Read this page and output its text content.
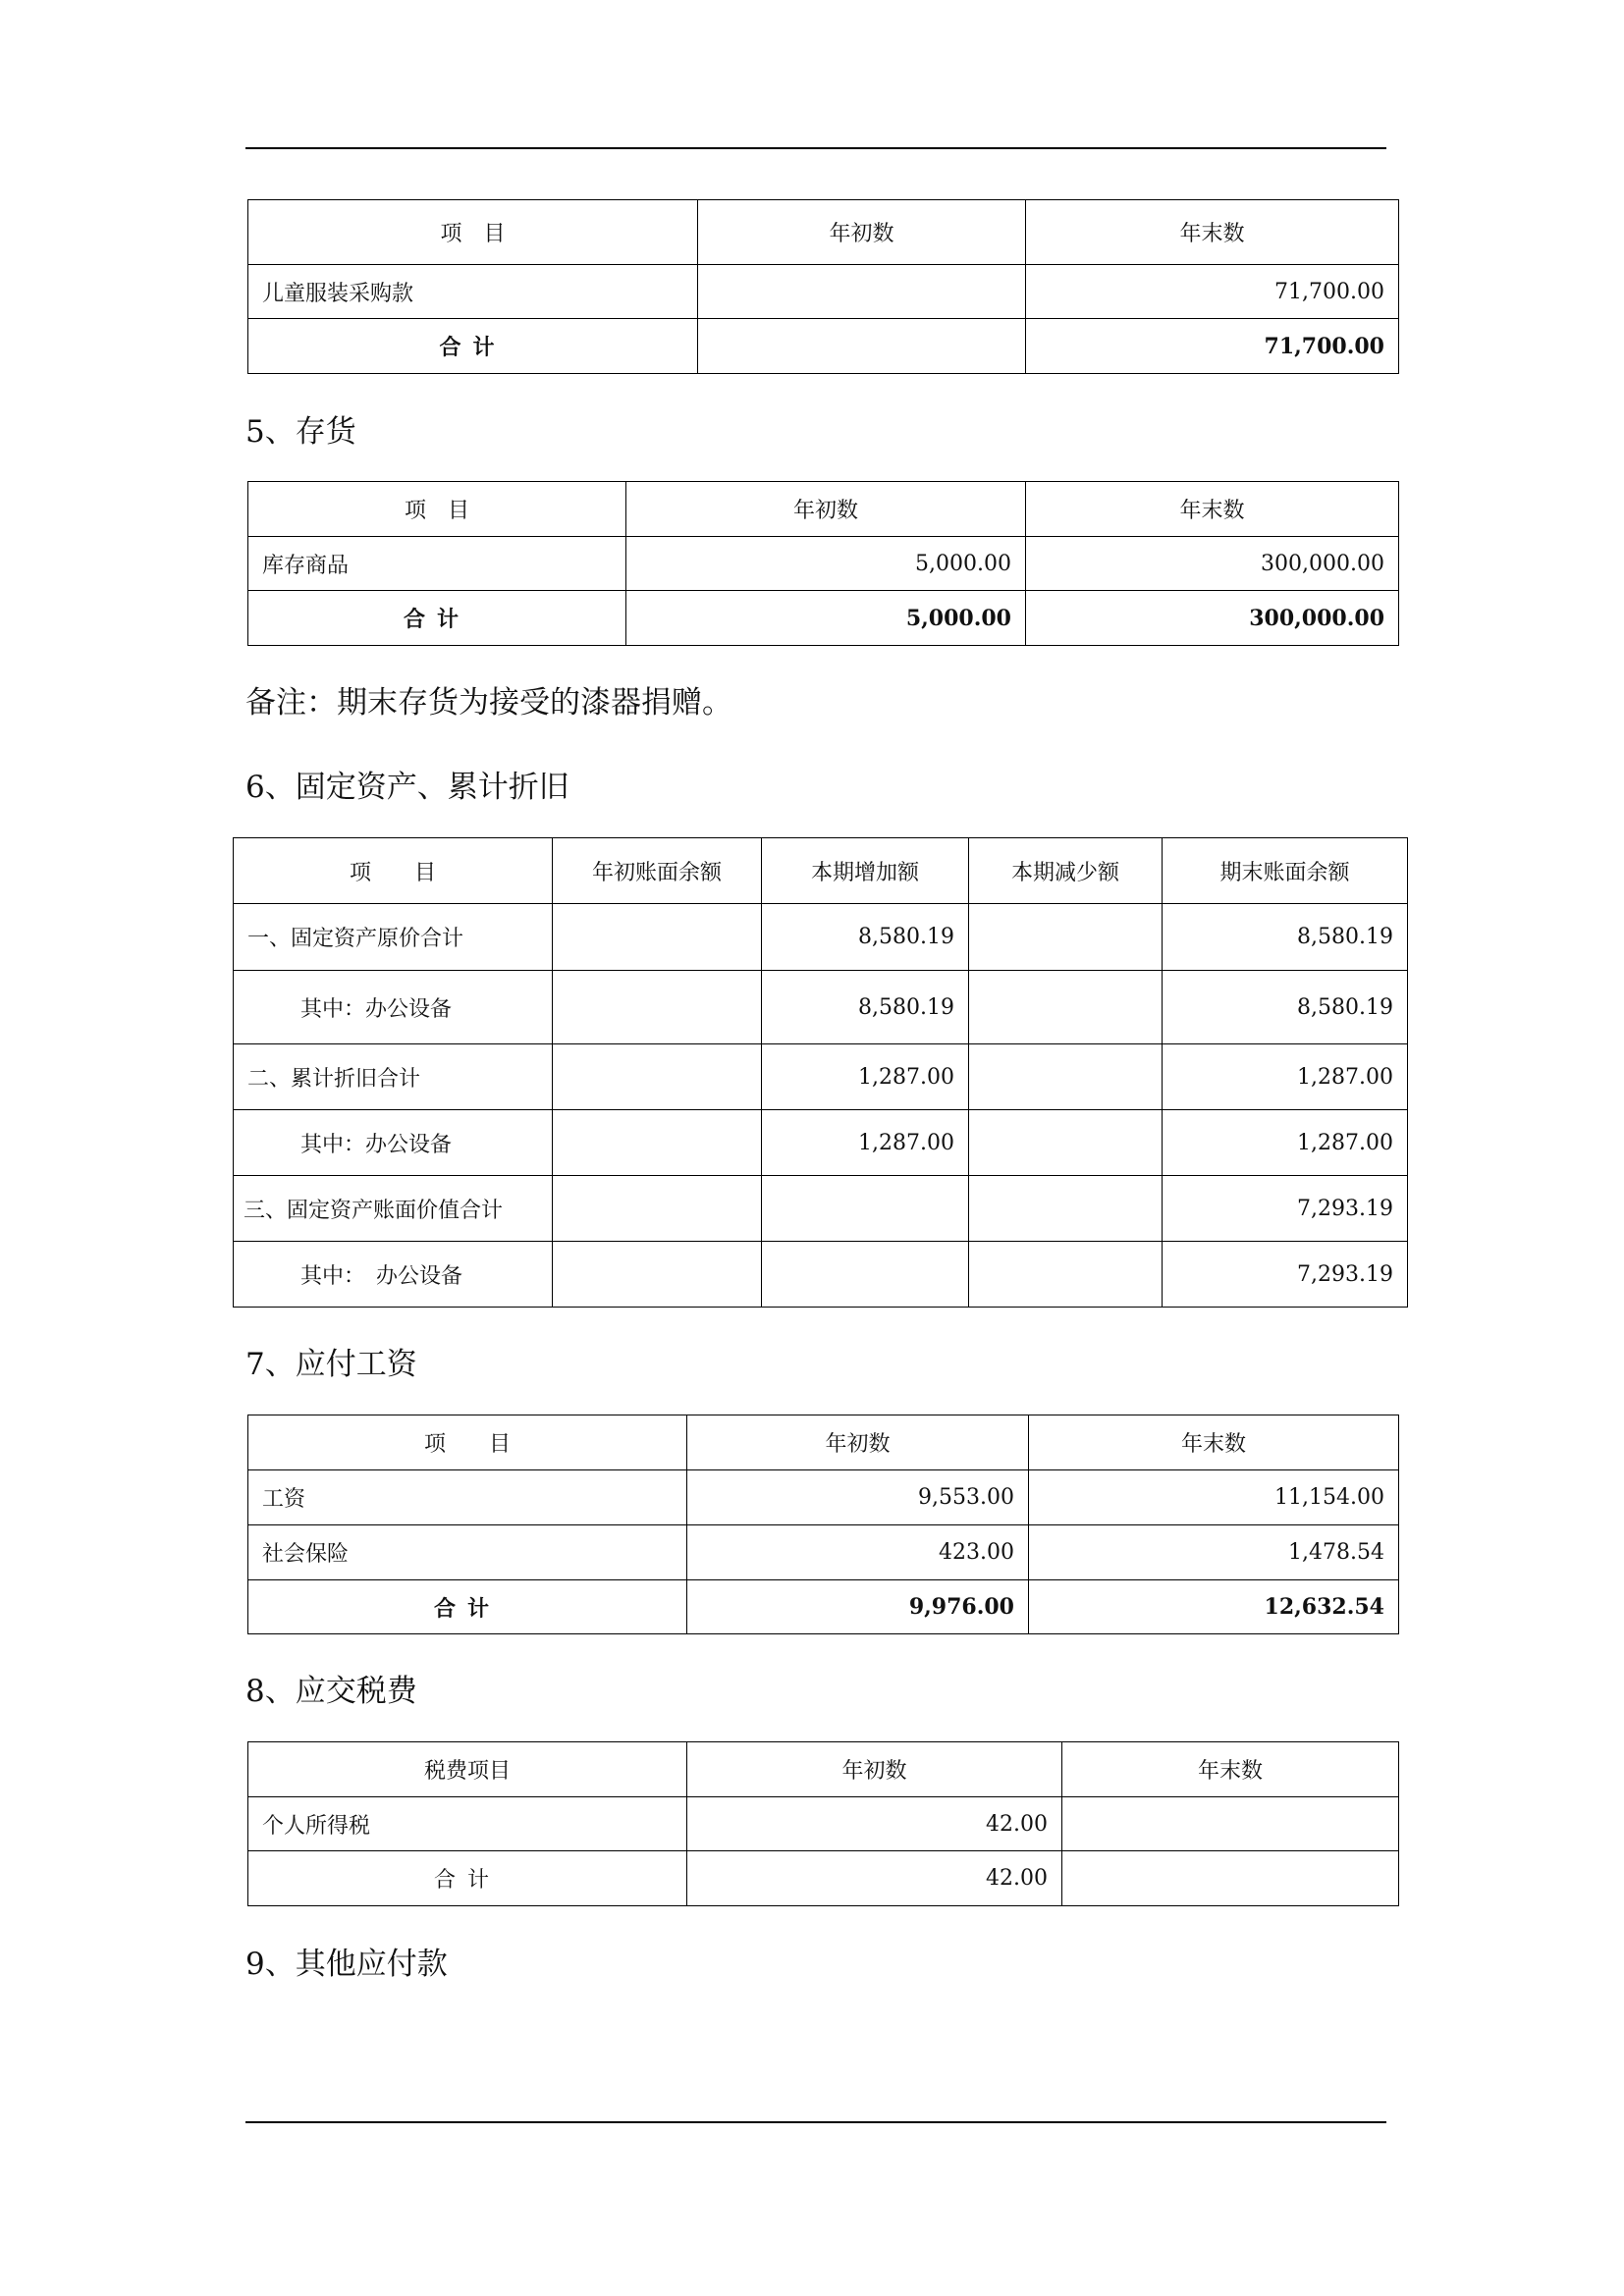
项　目	年初数	年末数
儿童服装采购款		71,700.00
合计		71,700.00
5、存货
项　目	年初数	年末数
库存商品	5,000.00	300,000.00
合计	5,000.00	300,000.00
备注：期末存货为接受的漆器捐赠。
6、固定资产、累计折旧
项　　目	年初账面余额	本期增加额	本期减少额	期末账面余额
一、固定资产原价合计		8,580.19		8,580.19
其中：办公设备		8,580.19		8,580.19
二、累计折旧合计		1,287.00		1,287.00
其中：办公设备		1,287.00		1,287.00
三、固定资产账面价值合计				7,293.19
其中：　办公设备				7,293.19
7、应付工资
项　　目	年初数	年末数
工资	9,553.00	11,154.00
社会保险	423.00	1,478.54
合计	9,976.00	12,632.54
8、应交税费
税费项目	年初数	年末数
个人所得税	42.00	
合计	42.00	
9、其他应付款
